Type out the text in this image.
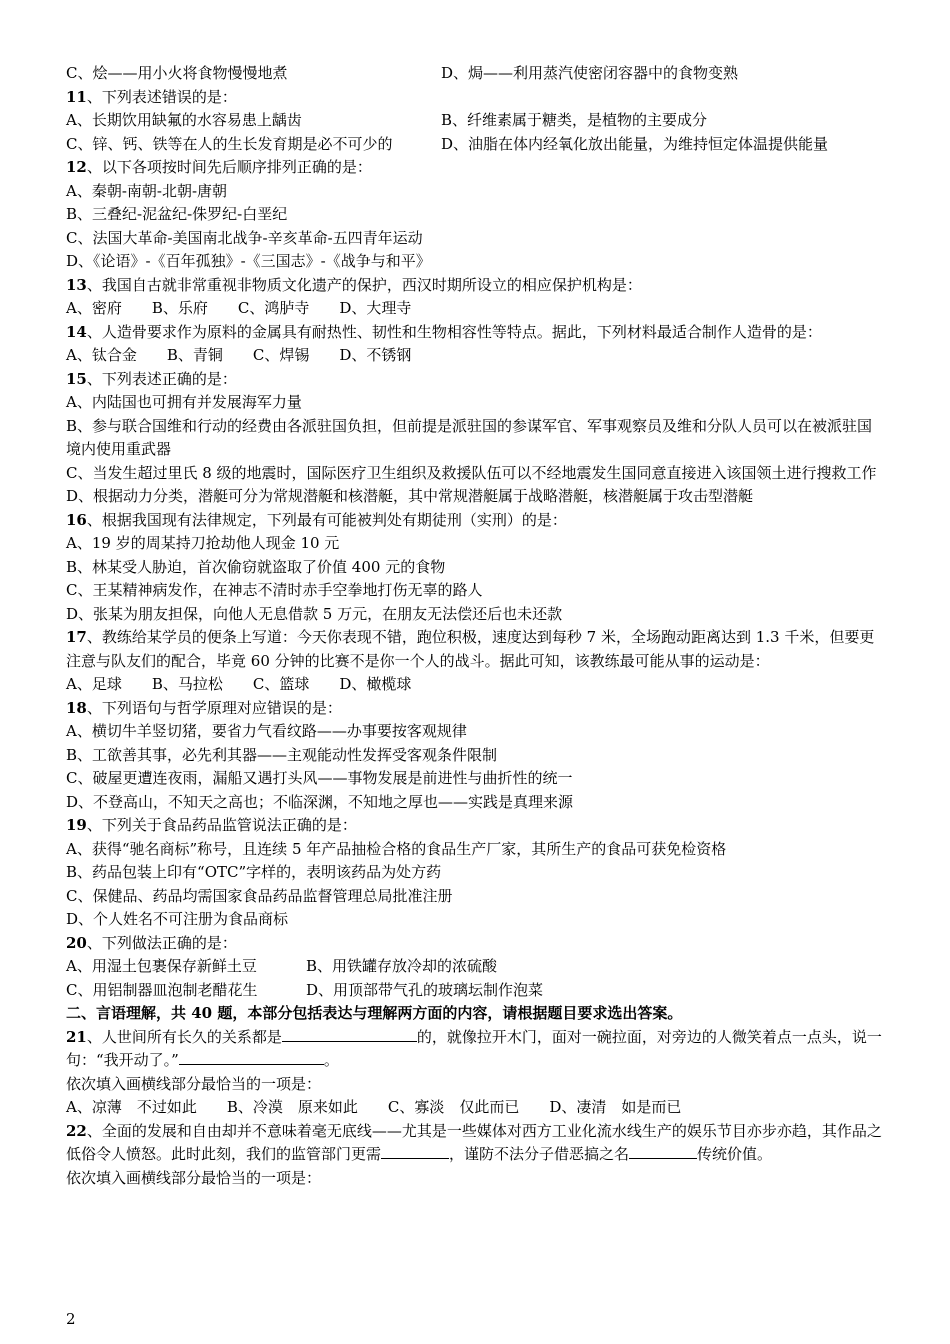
C、烩——用小火将食物慢慢地煮	D、焗——利用蒸汽使密闭容器中的食物变熟
11、下列表述错误的是：
A、长期饮用缺氟的水容易患上龋齿	B、纤维素属于糖类，是植物的主要成分
C、锌、钙、铁等在人的生长发育期是必不可少的	D、油脂在体内经氧化放出能量，为维持恒定体温提供能量
12、以下各项按时间先后顺序排列正确的是：
A、秦朝-南朝-北朝-唐朝
B、三叠纪-泥盆纪-侏罗纪-白垩纪
C、法国大革命-美国南北战争-辛亥革命-五四青年运动
D、《论语》-《百年孤独》-《三国志》-《战争与和平》
13、我国自古就非常重视非物质文化遗产的保护，西汉时期所设立的相应保护机构是：
A、密府　　B、乐府　　C、鸿胪寺　　D、大理寺
14、人造骨要求作为原料的金属具有耐热性、韧性和生物相容性等特点。据此，下列材料最适合制作人造骨的是：
A、钛合金　　B、青铜　　C、焊锡　　D、不锈钢
15、下列表述正确的是：
A、内陆国也可拥有并发展海军力量
B、参与联合国维和行动的经费由各派驻国负担，但前提是派驻国的参谋军官、军事观察员及维和分队人员可以在被派驻国境内使用重武器
C、当发生超过里氏 8 级的地震时，国际医疗卫生组织及救援队伍可以不经地震发生国同意直接进入该国领土进行搜救工作
D、根据动力分类，潜艇可分为常规潜艇和核潜艇，其中常规潜艇属于战略潜艇，核潜艇属于攻击型潜艇
16、根据我国现有法律规定，下列最有可能被判处有期徒刑（实刑）的是：
A、19 岁的周某持刀抢劫他人现金 10 元
B、林某受人胁迫，首次偷窃就盗取了价值 400 元的食物
C、王某精神病发作，在神志不清时赤手空拳地打伤无辜的路人
D、张某为朋友担保，向他人无息借款 5 万元，在朋友无法偿还后也未还款
17、教练给某学员的便条上写道：今天你表现不错，跑位积极，速度达到每秒 7 米，全场跑动距离达到 1.3 千米，但要更注意与队友们的配合，毕竟 60 分钟的比赛不是你一个人的战斗。据此可知，该教练最可能从事的运动是：
A、足球　　B、马拉松　　C、篮球　　D、橄榄球
18、下列语句与哲学原理对应错误的是：
A、横切牛羊竖切猪，要省力气看纹路——办事要按客观规律
B、工欲善其事，必先利其器——主观能动性发挥受客观条件限制
C、破屋更遭连夜雨，漏船又遇打头风——事物发展是前进性与曲折性的统一
D、不登高山，不知天之高也；不临深渊，不知地之厚也——实践是真理来源
19、下列关于食品药品监管说法正确的是：
A、获得“驰名商标”称号，且连续 5 年产品抽检合格的食品生产厂家，其所生产的食品可获免检资格
B、药品包装上印有“OTC”字样的，表明该药品为处方药
C、保健品、药品均需国家食品药品监督管理总局批准注册
D、个人姓名不可注册为食品商标
20、下列做法正确的是：
A、用湿土包裹保存新鲜土豆	B、用铁罐存放冷却的浓硫酸
C、用铝制器皿泡制老醋花生	D、用顶部带气孔的玻璃坛制作泡菜
二、言语理解，共 40 题，本部分包括表达与理解两方面的内容，请根据题目要求选出答案。
21、人世间所有长久的关系都是	的，就像拉开木门，面对一碗拉面，对旁边的人微笑着点一点头，说一句：“我开动了。”	。
依次填入画横线部分最恰当的一项是：
A、凉薄　不过如此　　B、冷漠　原来如此　　C、寡淡　仅此而已　　D、凄清　如是而已
22、全面的发展和自由却并不意味着毫无底线——尤其是一些媒体对西方工业化流水线生产的娱乐节目亦步亦趋，其作品之低俗令人愤怒。此时此刻，我们的监管部门更需	，谨防不法分子借恶搞之名	传统价值。
依次填入画横线部分最恰当的一项是：
2
